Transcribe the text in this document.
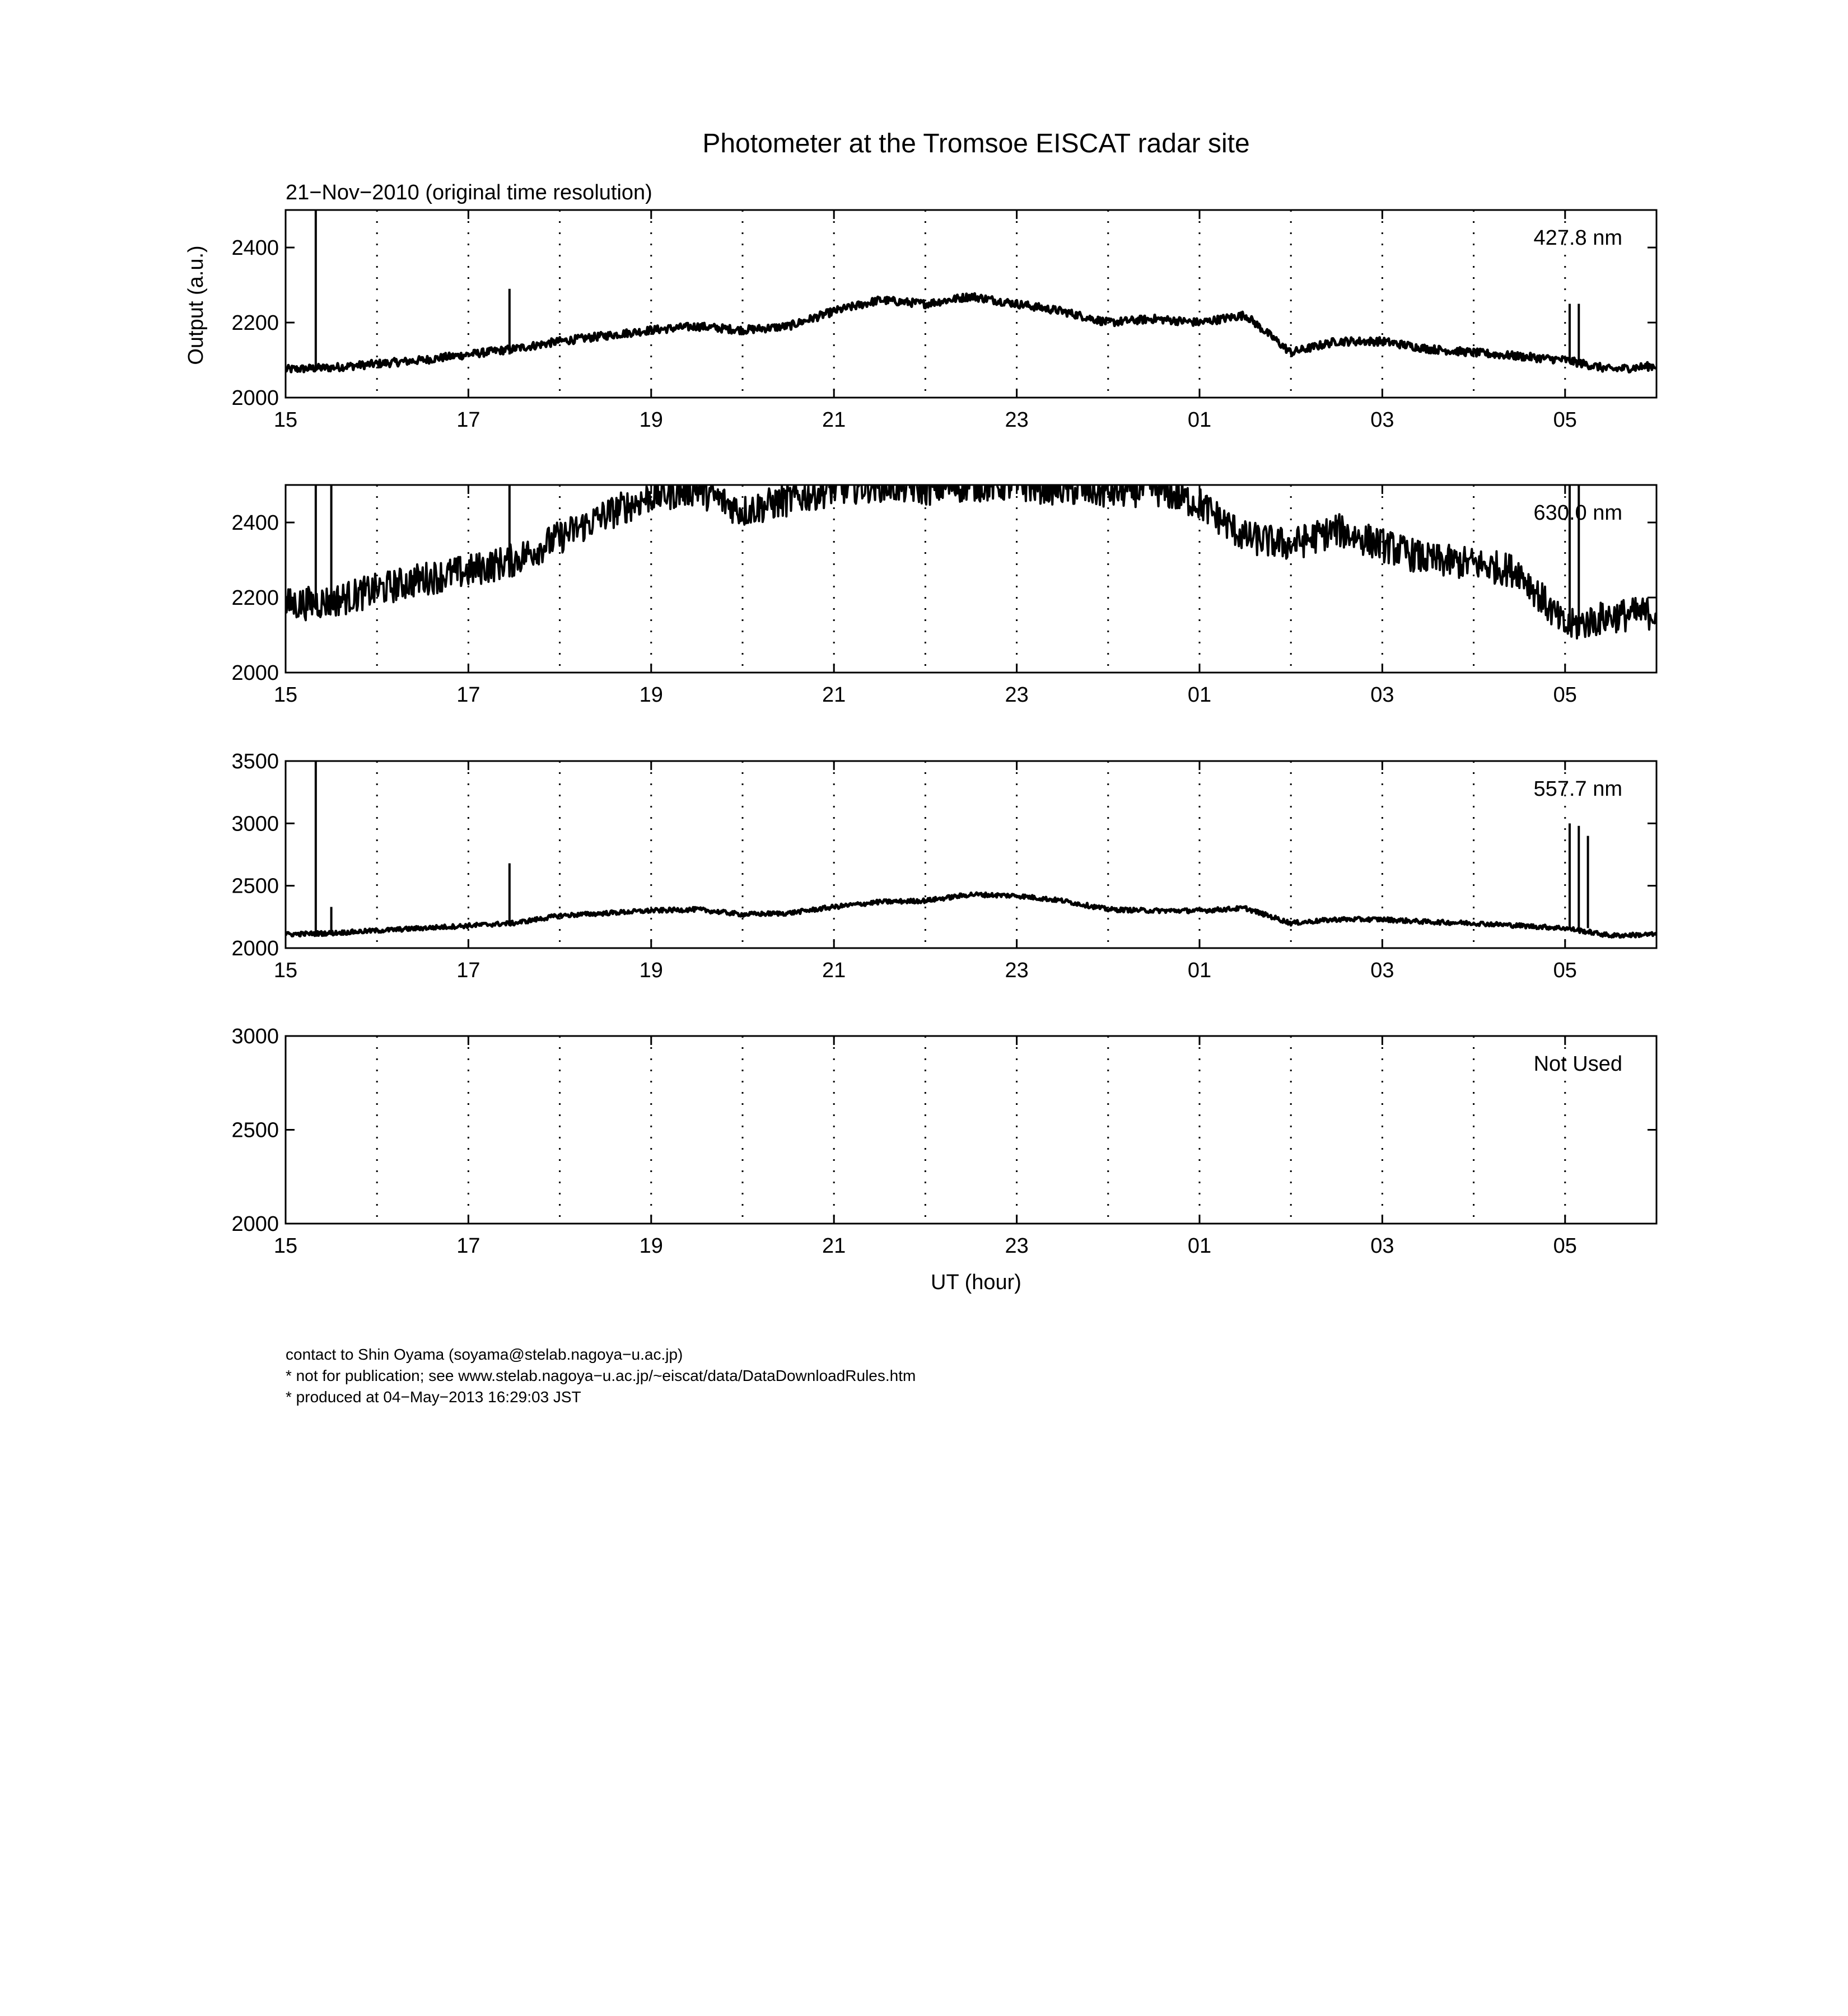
Photometer at the Tromsoe EISCAT radar site
21−Nov−2010 (original time resolution)
Output (a.u.)
UT (hour)
15	17	19	21	23	01	03	05
2000
2200
2400	427.8 nm
15	17	19	21	23	01	03	05
2000
2200
2400	630.0 nm
15	17	19	21	23	01	03	05
2000
2500
3000
3500
557.7 nm
15	17	19	21	23	01	03	05
2000
2500
3000
Not Used
contact to Shin Oyama (soyama@stelab.nagoya−u.ac.jp)
* not for publication; see www.stelab.nagoya−u.ac.jp/~eiscat/data/DataDownloadRules.htm
* produced at 04−May−2013 16:29:03 JST
